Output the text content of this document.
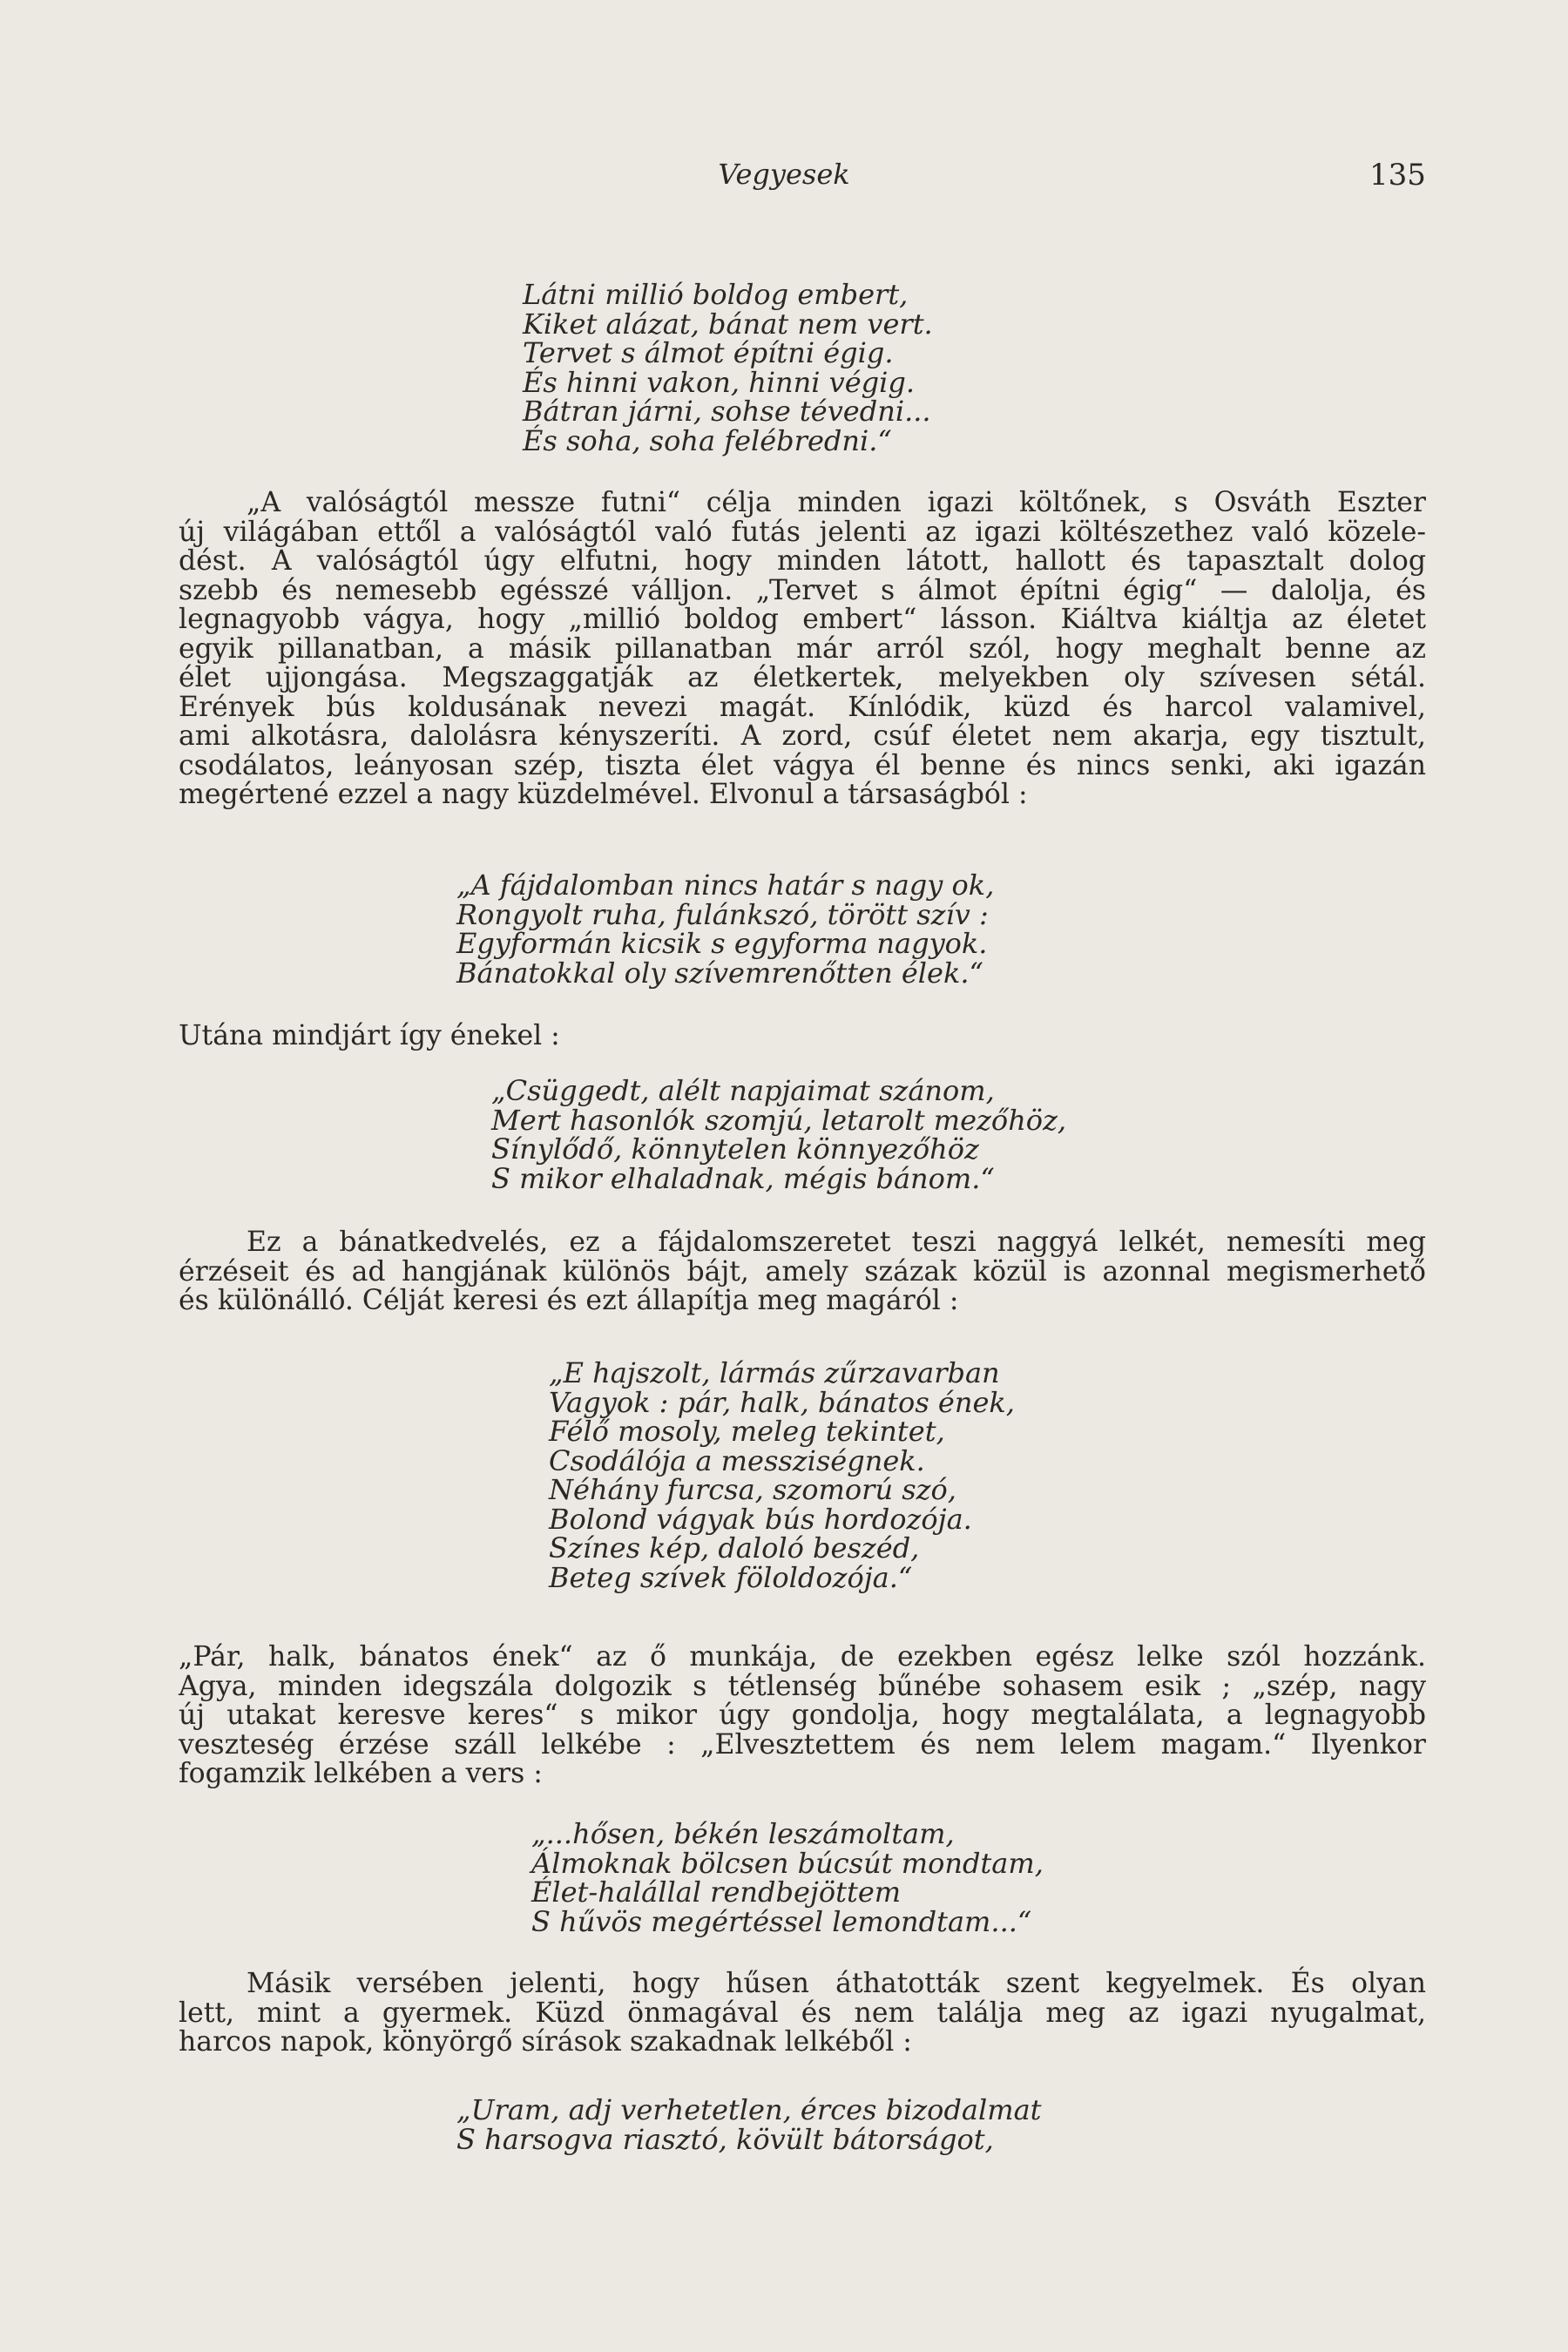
Vegyesek	135
Látni millió boldog embert,
Kiket alázat, bánat nem vert.
Tervet s álmot építni égig.
És hinni vakon, hinni végig.
Bátran járni, sohse tévedni...
És soha, soha felébredni.“
„A valóságtól messze futni“ célja minden igazi költőnek, s Osváth Eszter
új világában ettől a valóságtól való futás jelenti az igazi költészethez való közele-
dést. A valóságtól úgy elfutni, hogy minden látott, hallott és tapasztalt dolog
szebb és nemesebb egésszé válljon. „Tervet s álmot építni égig“ — dalolja, és
legnagyobb vágya, hogy „millió boldog embert“ lásson. Kiáltva kiáltja az életet
egyik pillanatban, a másik pillanatban már arról szól, hogy meghalt benne az
élet ujjongása. Megszaggatják az életkertek, melyekben oly szívesen sétál.
Erények bús koldusának nevezi magát. Kínlódik, küzd és harcol valamivel,
ami alkotásra, dalolásra kényszeríti. A zord, csúf életet nem akarja, egy tisztult,
csodálatos, leányosan szép, tiszta élet vágya él benne és nincs senki, aki igazán
megértené ezzel a nagy küzdelmével. Elvonul a társaságból :
„A fájdalomban nincs határ s nagy ok,
Rongyolt ruha, fulánkszó, törött szív :
Egyformán kicsik s egyforma nagyok.
Bánatokkal oly szívemrenőtten élek.“
Utána mindjárt így énekel :
„Csüggedt, alélt napjaimat szánom,
Mert hasonlók szomjú, letarolt mezőhöz,
Sínylődő, könnytelen könnyezőhöz
S mikor elhaladnak, mégis bánom.“
Ez a bánatkedvelés, ez a fájdalomszeretet teszi naggyá lelkét, nemesíti meg
érzéseit és ad hangjának különös bájt, amely százak közül is azonnal megismerhető
és különálló. Célját keresi és ezt állapítja meg magáról :
„E hajszolt, lármás zűrzavarban
Vagyok : pár, halk, bánatos ének,
Félő mosoly, meleg tekintet,
Csodálója a messziségnek.
Néhány furcsa, szomorú szó,
Bolond vágyak bús hordozója.
Színes kép, daloló beszéd,
Beteg szívek föloldozója.“
„Pár, halk, bánatos ének“ az ő munkája, de ezekben egész lelke szól hozzánk.
Agya, minden idegszála dolgozik s tétlenség bűnébe sohasem esik ; „szép, nagy
új utakat keresve keres“ s mikor úgy gondolja, hogy megtalálata, a legnagyobb
veszteség érzése száll lelkébe : „Elvesztettem és nem lelem magam.“ Ilyenkor
fogamzik lelkében a vers :
„...hősen, békén leszámoltam,
Álmoknak bölcsen búcsút mondtam,
Élet-halállal rendbejöttem
S hűvös megértéssel lemondtam...“
Másik versében jelenti, hogy hűsen áthatották szent kegyelmek. És olyan
lett, mint a gyermek. Küzd önmagával és nem találja meg az igazi nyugalmat,
harcos napok, könyörgő sírások szakadnak lelkéből :
„Uram, adj verhetetlen, érces bizodalmat
S harsogva riasztó, kövült bátorságot,
